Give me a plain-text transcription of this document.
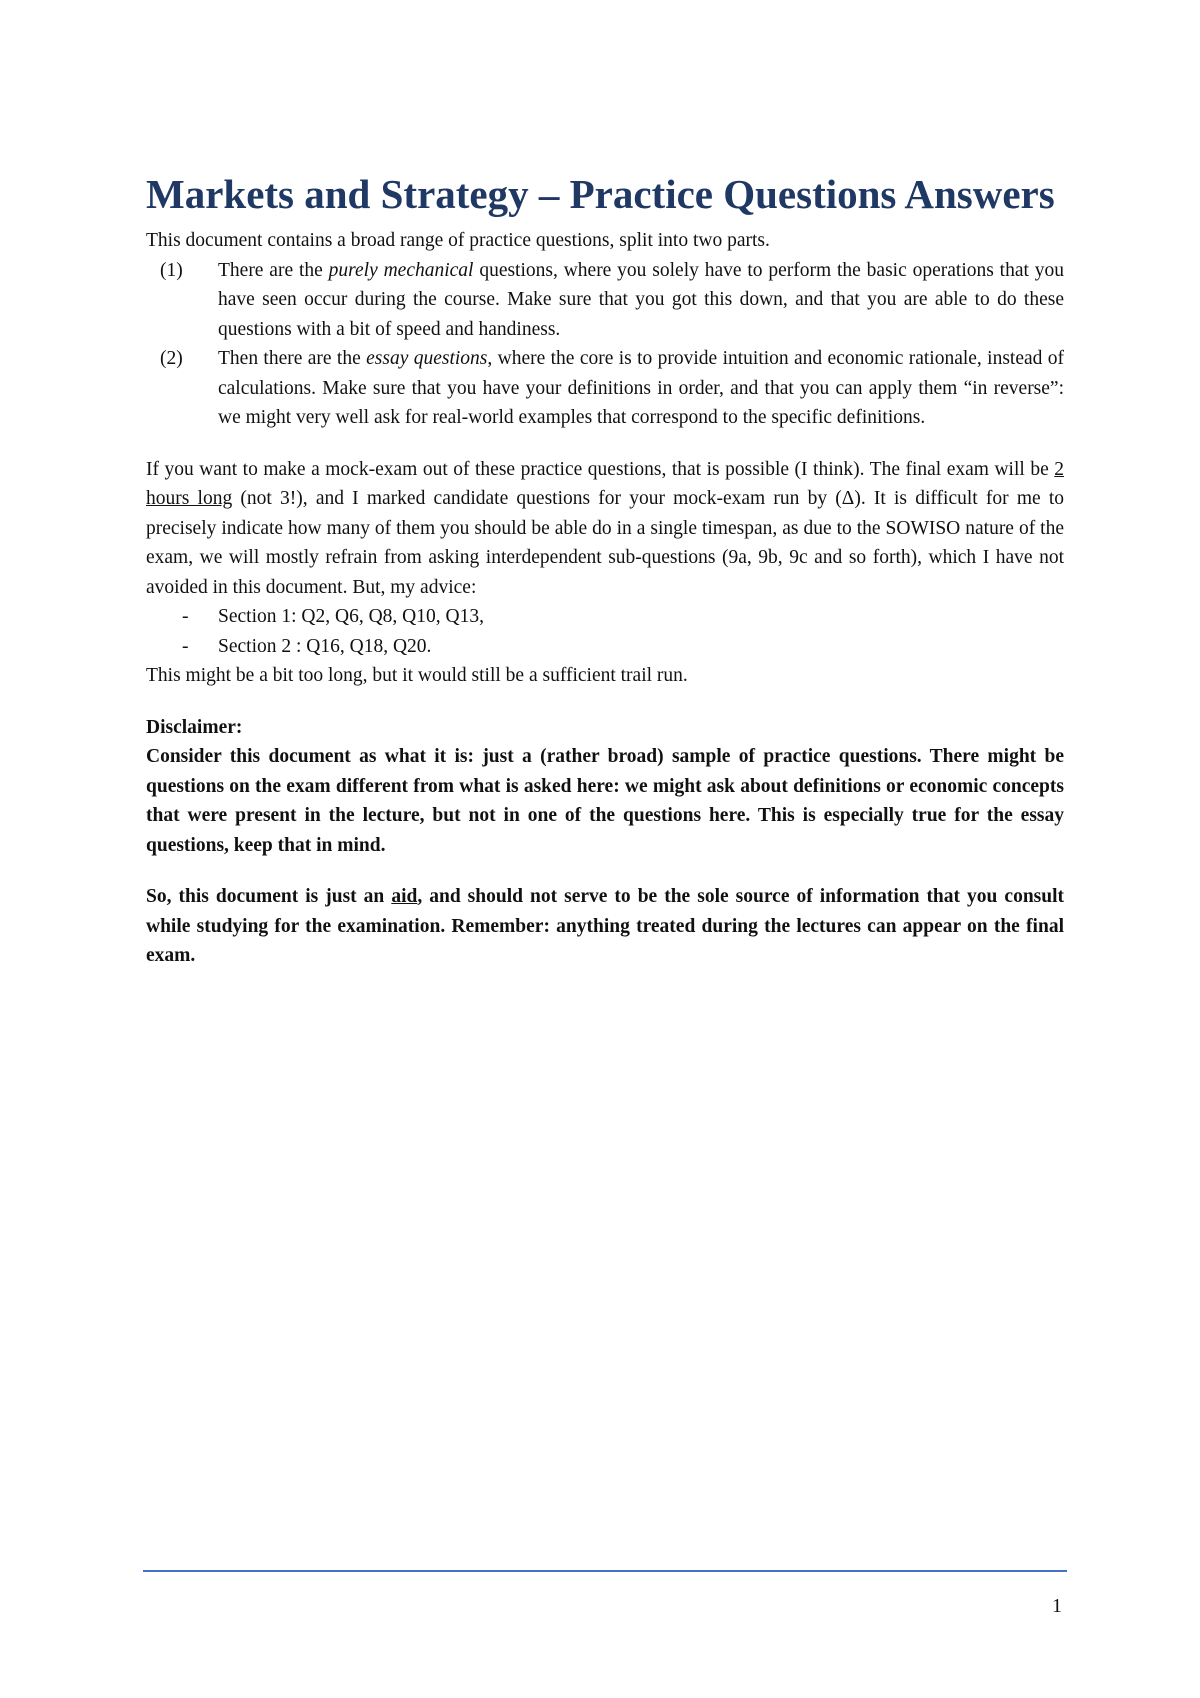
Markets and Strategy – Practice Questions Answers

This document contains a broad range of practice questions, split into two parts.

(1) There are the purely mechanical questions, where you solely have to perform the basic operations that you have seen occur during the course. Make sure that you got this down, and that you are able to do these questions with a bit of speed and handiness.
(2) Then there are the essay questions, where the core is to provide intuition and economic rationale, instead of calculations. Make sure that you have your definitions in order, and that you can apply them “in reverse”: we might very well ask for real-world examples that correspond to the specific definitions.

If you want to make a mock-exam out of these practice questions, that is possible (I think). The final exam will be 2 hours long (not 3!), and I marked candidate questions for your mock-exam run by (Δ). It is difficult for me to precisely indicate how many of them you should be able do in a single timespan, as due to the SOWISO nature of the exam, we will mostly refrain from asking interdependent sub-questions (9a, 9b, 9c and so forth), which I have not avoided in this document. But, my advice:

- Section 1: Q2, Q6, Q8, Q10, Q13,
- Section 2 : Q16, Q18, Q20.

This might be a bit too long, but it would still be a sufficient trail run.

Disclaimer:

Consider this document as what it is: just a (rather broad) sample of practice questions. There might be questions on the exam different from what is asked here: we might ask about definitions or economic concepts that were present in the lecture, but not in one of the questions here. This is especially true for the essay questions, keep that in mind.

So, this document is just an aid, and should not serve to be the sole source of information that you consult while studying for the examination. Remember: anything treated during the lectures can appear on the final exam.

1
